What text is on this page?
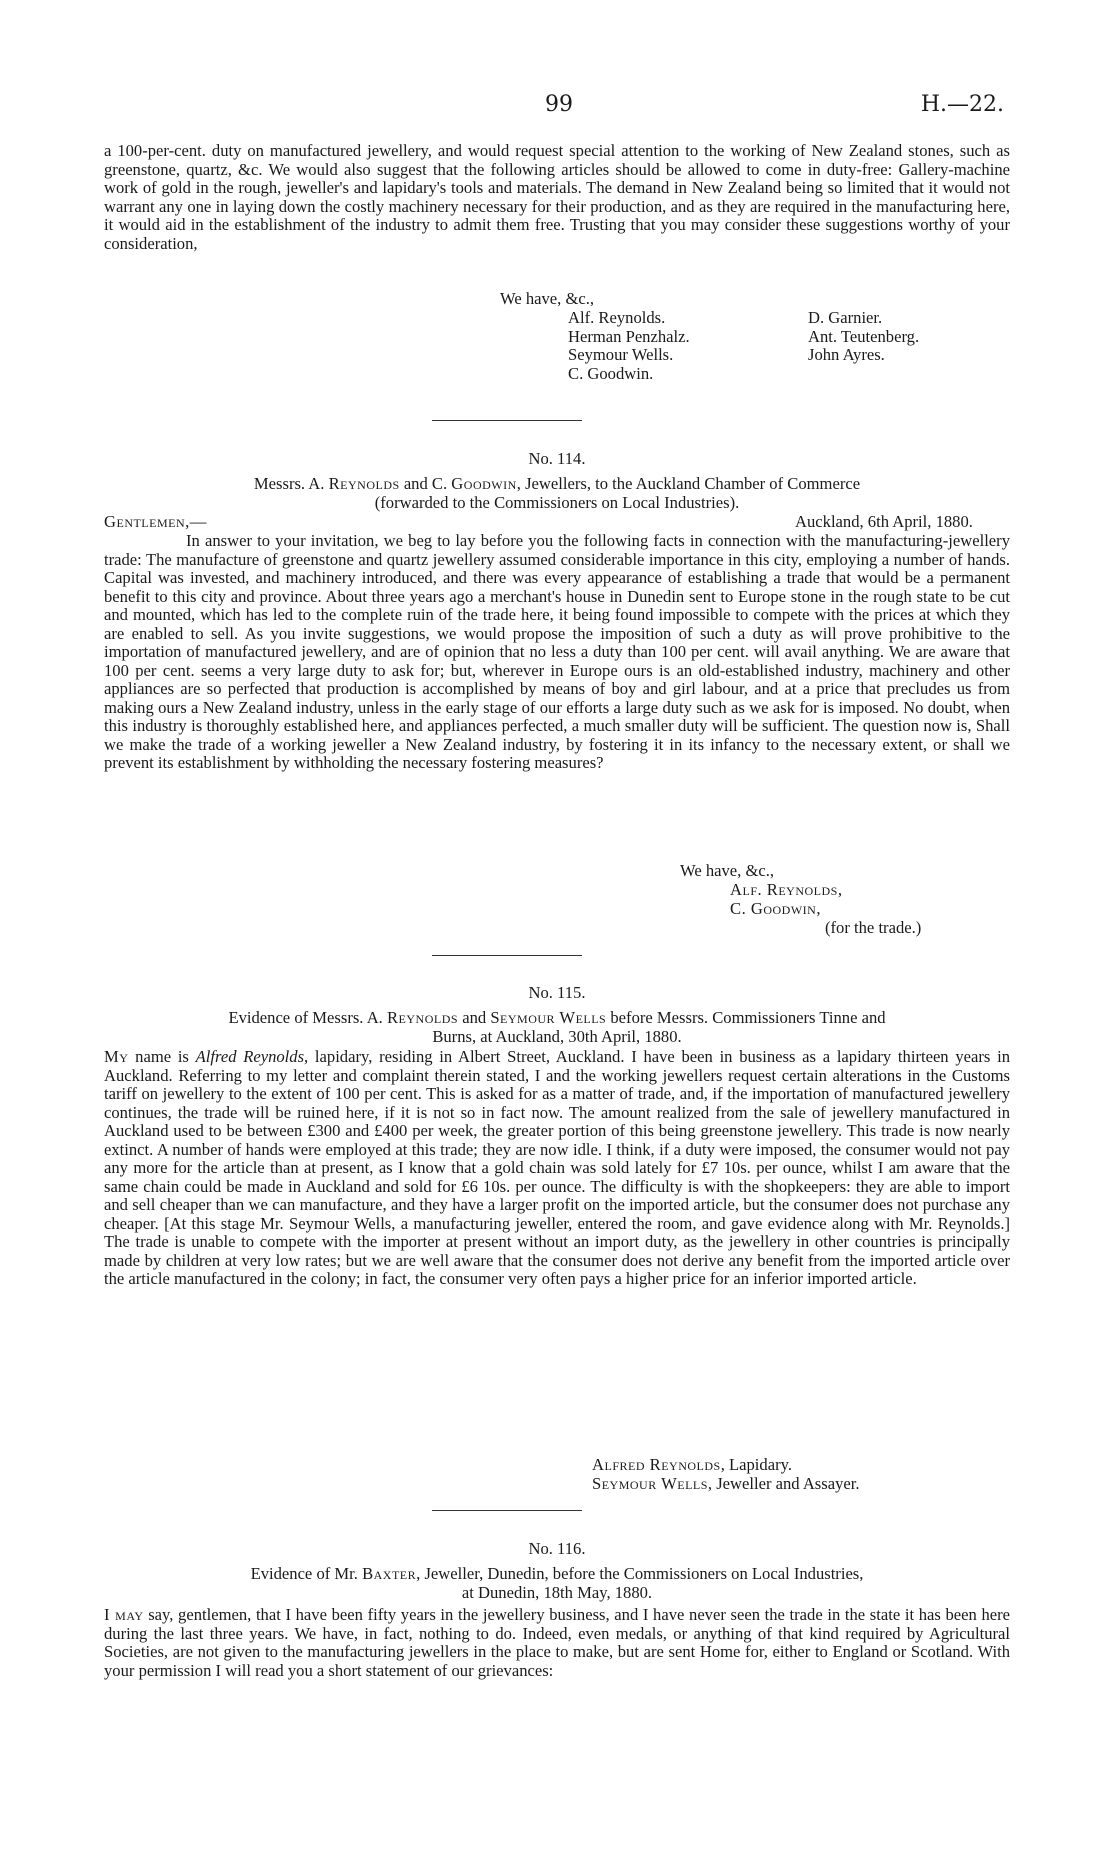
99	H.—22.

a 100-per-cent. duty on manufactured jewellery, and would request special attention to the working of New Zealand stones, such as greenstone, quartz, &c. We would also suggest that the following articles should be allowed to come in duty-free: Gallery-machine work of gold in the rough, jeweller's and lapidary's tools and materials. The demand in New Zealand being so limited that it would not warrant any one in laying down the costly machinery necessary for their production, and as they are required in the manufacturing here, it would aid in the establishment of the industry to admit them free. Trusting that you may consider these suggestions worthy of your consideration,

We have, &c.,
Alf. Reynolds.
Herman Penzhalz.
Seymour Wells.
C. Goodwin.
D. Garnier.
Ant. Teutenberg.
John Ayres.
No. 114.
Messrs. A. Reynolds and C. Goodwin, Jewellers, to the Auckland Chamber of Commerce
(forwarded to the Commissioners on Local Industries).
Gentlemen,—	Auckland, 6th April, 1880.

In answer to your invitation, we beg to lay before you the following facts in connection with the manufacturing-jewellery trade: The manufacture of greenstone and quartz jewellery assumed considerable importance in this city, employing a number of hands. Capital was invested, and machinery introduced, and there was every appearance of establishing a trade that would be a permanent benefit to this city and province. About three years ago a merchant's house in Dunedin sent to Europe stone in the rough state to be cut and mounted, which has led to the complete ruin of the trade here, it being found impossible to compete with the prices at which they are enabled to sell. As you invite suggestions, we would propose the imposition of such a duty as will prove prohibitive to the importation of manufactured jewellery, and are of opinion that no less a duty than 100 per cent. will avail anything. We are aware that 100 per cent. seems a very large duty to ask for; but, wherever in Europe ours is an old-established industry, machinery and other appliances are so perfected that production is accomplished by means of boy and girl labour, and at a price that precludes us from making ours a New Zealand industry, unless in the early stage of our efforts a large duty such as we ask for is imposed. No doubt, when this industry is thoroughly established here, and appliances perfected, a much smaller duty will be sufficient. The question now is, Shall we make the trade of a working jeweller a New Zealand industry, by fostering it in its infancy to the necessary extent, or shall we prevent its establishment by withholding the necessary fostering measures?

We have, &c.,
Alf. Reynolds,
C. Goodwin,
(for the trade.)
No. 115.
Evidence of Messrs. A. Reynolds and Seymour Wells before Messrs. Commissioners Tinne and
Burns, at Auckland, 30th April, 1880.

My name is Alfred Reynolds, lapidary, residing in Albert Street, Auckland. I have been in business as a lapidary thirteen years in Auckland. Referring to my letter and complaint therein stated, I and the working jewellers request certain alterations in the Customs tariff on jewellery to the extent of 100 per cent. This is asked for as a matter of trade, and, if the importation of manufactured jewellery continues, the trade will be ruined here, if it is not so in fact now. The amount realized from the sale of jewellery manufactured in Auckland used to be between £300 and £400 per week, the greater portion of this being greenstone jewellery. This trade is now nearly extinct. A number of hands were employed at this trade; they are now idle. I think, if a duty were imposed, the consumer would not pay any more for the article than at present, as I know that a gold chain was sold lately for £7 10s. per ounce, whilst I am aware that the same chain could be made in Auckland and sold for £6 10s. per ounce. The difficulty is with the shopkeepers: they are able to import and sell cheaper than we can manufacture, and they have a larger profit on the imported article, but the consumer does not purchase any cheaper. [At this stage Mr. Seymour Wells, a manufacturing jeweller, entered the room, and gave evidence along with Mr. Reynolds.] The trade is unable to compete with the importer at present without an import duty, as the jewellery in other countries is principally made by children at very low rates; but we are well aware that the consumer does not derive any benefit from the imported article over the article manufactured in the colony; in fact, the consumer very often pays a higher price for an inferior imported article.

Alfred Reynolds, Lapidary.
Seymour Wells, Jeweller and Assayer.
No. 116.
Evidence of Mr. Baxter, Jeweller, Dunedin, before the Commissioners on Local Industries,
at Dunedin, 18th May, 1880.

I may say, gentlemen, that I have been fifty years in the jewellery business, and I have never seen the trade in the state it has been here during the last three years. We have, in fact, nothing to do. Indeed, even medals, or anything of that kind required by Agricultural Societies, are not given to the manufacturing jewellers in the place to make, but are sent Home for, either to England or Scotland. With your permission I will read you a short statement of our grievances:
